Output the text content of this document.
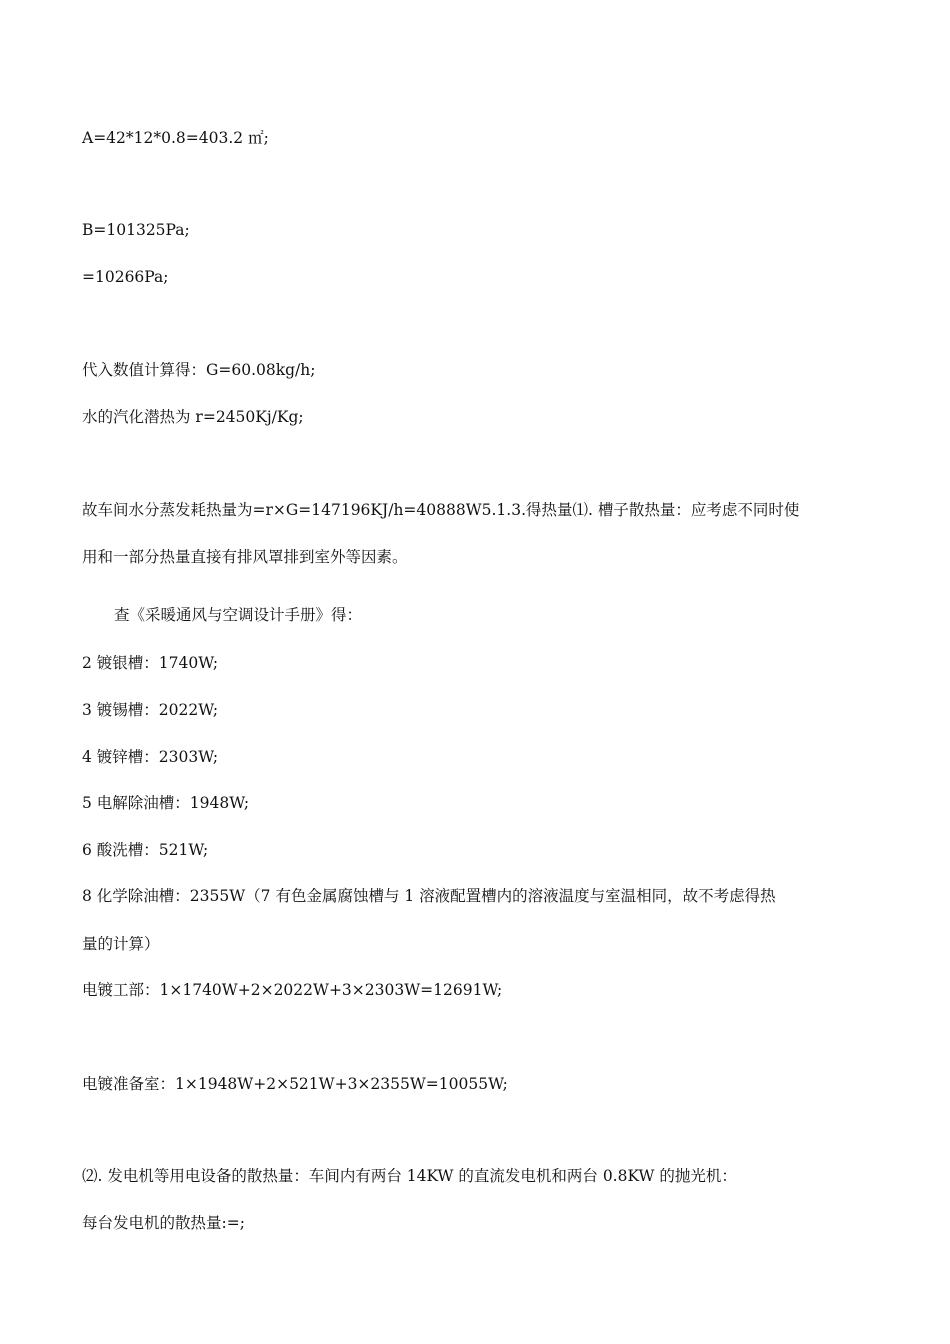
A=42*12*0.8=403.2 ㎡;
B=101325Pa;
=10266Pa;
代入数值计算得：G=60.08kg/h;
水的汽化潜热为 r=2450Kj/Kg;
故车间水分蒸发耗热量为=r×G=147196KJ/h=40888W5.1.3.得热量⑴. 槽子散热量：应考虑不同时使
用和一部分热量直接有排风罩排到室外等因素。
查《采暖通风与空调设计手册》得：
2 镀银槽：1740W;
3 镀锡槽：2022W;
4 镀锌槽：2303W;
5 电解除油槽：1948W;
6 酸洗槽：521W;
8 化学除油槽：2355W（7 有色金属腐蚀槽与 1 溶液配置槽内的溶液温度与室温相同，故不考虑得热
量的计算）
电镀工部：1×1740W+2×2022W+3×2303W=12691W;
电镀准备室：1×1948W+2×521W+3×2355W=10055W;
⑵. 发电机等用电设备的散热量：车间内有两台 14KW 的直流发电机和两台 0.8KW 的抛光机：
每台发电机的散热量:=;
